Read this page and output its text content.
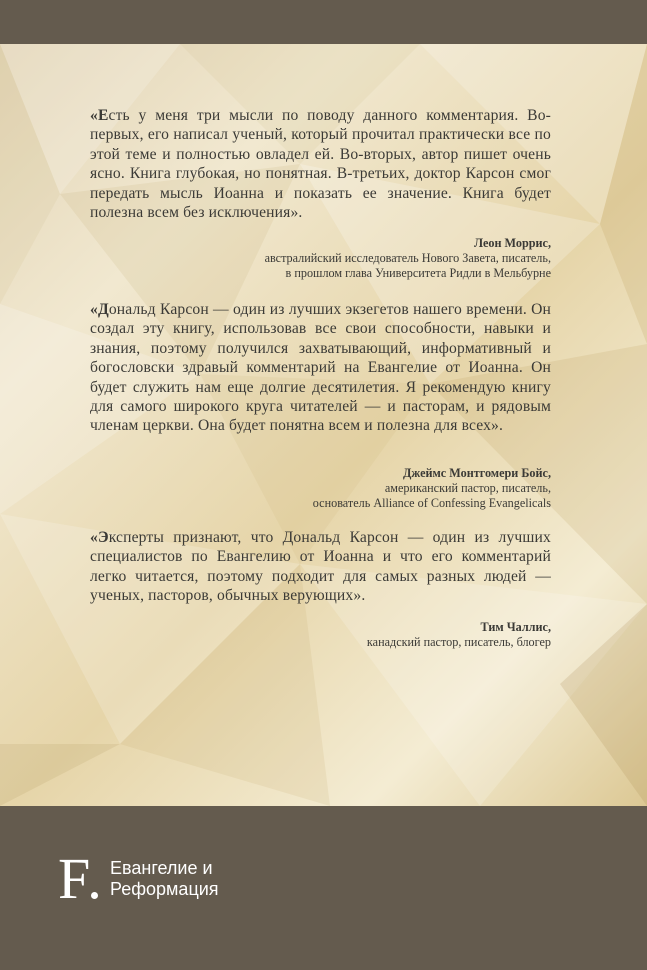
«Есть у меня три мысли по поводу данного комментария. Во-первых, его написал ученый, который прочитал практически все по этой теме и полностью овладел ей. Во-вторых, автор пишет очень ясно. Книга глубокая, но понятная. В-третьих, доктор Карсон смог передать мысль Иоанна и показать ее значение. Книга будет полезна всем без исключения».
Леон Моррис,
австралийский исследователь Нового Завета, писатель,
в прошлом глава Университета Ридли в Мельбурне
«Дональд Карсон — один из лучших экзегетов нашего времени. Он создал эту книгу, использовав все свои способности, навыки и знания, поэтому получился захватывающий, информативный и богословски здравый комментарий на Евангелие от Иоанна. Он будет служить нам еще долгие десятилетия. Я рекомендую книгу для самого широкого круга читателей — и пасторам, и рядовым членам церкви. Она будет понятна всем и полезна для всех».
Джеймс Монтгомери Бойс,
американский пастор, писатель,
основатель Alliance of Confessing Evangelicals
«Эксперты признают, что Дональд Карсон — один из лучших специалистов по Евангелию от Иоанна и что его комментарий легко читается, поэтому подходит для самых разных людей — ученых, пасторов, обычных верующих».
Тим Чаллис,
канадский пастор, писатель, блогер
F Евангелие и
Реформация
